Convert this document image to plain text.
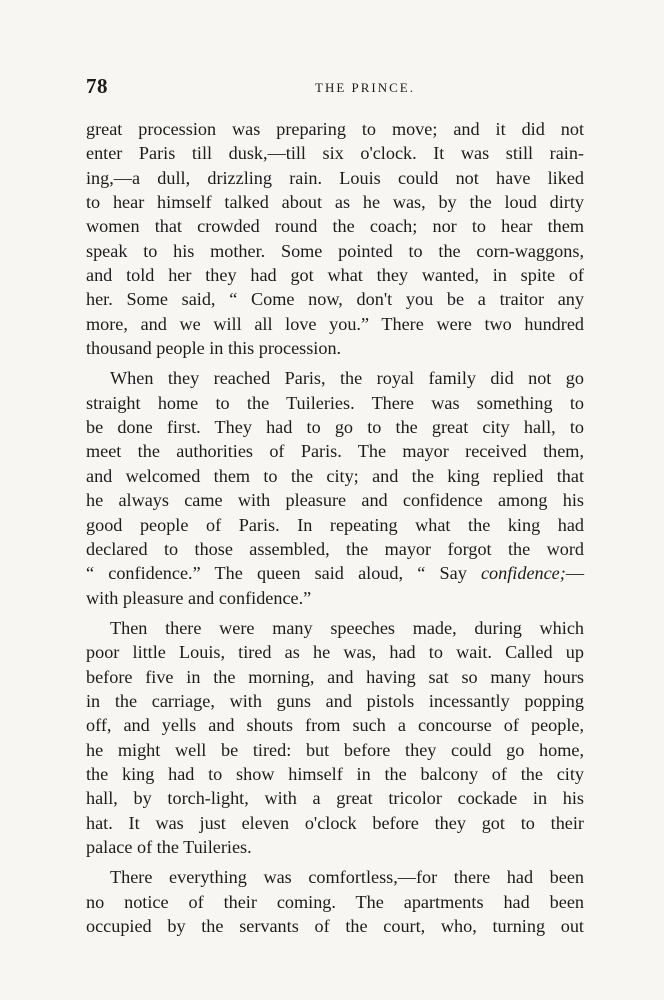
78	THE PRINCE.

great procession was preparing to move; and it did not
enter Paris till dusk,—till six o'clock. It was still rain-
ing,—a dull, drizzling rain. Louis could not have liked
to hear himself talked about as he was, by the loud dirty
women that crowded round the coach; nor to hear them
speak to his mother. Some pointed to the corn-waggons,
and told her they had got what they wanted, in spite of
her. Some said, “ Come now, don't you be a traitor any
more, and we will all love you.” There were two hundred
thousand people in this procession.

When they reached Paris, the royal family did not go
straight home to the Tuileries. There was something to
be done first. They had to go to the great city hall, to
meet the authorities of Paris. The mayor received them,
and welcomed them to the city; and the king replied that
he always came with pleasure and confidence among his
good people of Paris. In repeating what the king had
declared to those assembled, the mayor forgot the word
“ confidence.” The queen said aloud, “ Say confidence;—
with pleasure and confidence.”

Then there were many speeches made, during which
poor little Louis, tired as he was, had to wait. Called up
before five in the morning, and having sat so many hours
in the carriage, with guns and pistols incessantly popping
off, and yells and shouts from such a concourse of people,
he might well be tired: but before they could go home,
the king had to show himself in the balcony of the city
hall, by torch-light, with a great tricolor cockade in his
hat. It was just eleven o'clock before they got to their
palace of the Tuileries.

There everything was comfortless,—for there had been
no notice of their coming. The apartments had been
occupied by the servants of the court, who, turning out
